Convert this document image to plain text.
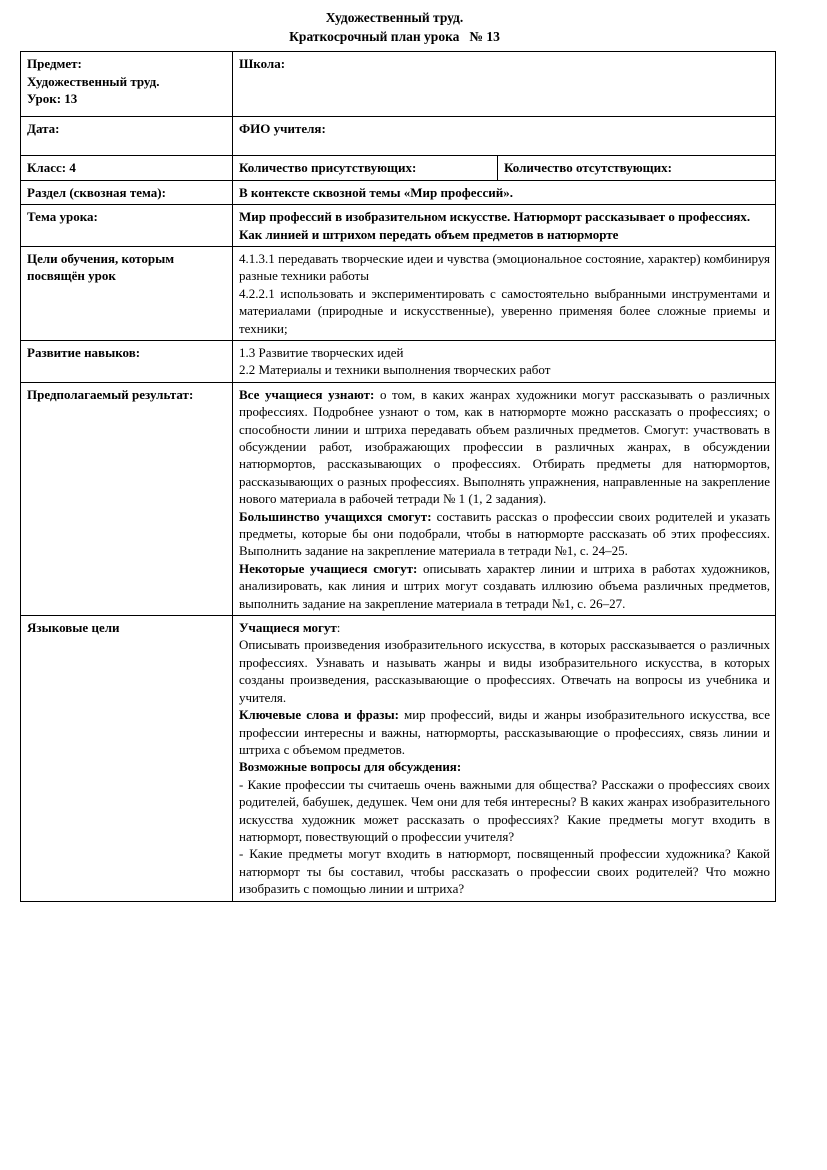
Художественный труд.
Краткосрочный план урока № 13
Предмет:
Художественный труд.
Урок: 13	Школа:	
Дата:	ФИО учителя:	
Класс: 4	Количество присутствующих:	Количество отсутствующих:
Раздел (сквозная тема):	В контексте сквозной темы «Мир профессий».	
Тема урока:	Мир профессий в изобразительном искусстве. Натюрморт рассказывает о профессиях. Как линией и штрихом передать объем предметов в натюрморте	
Цели обучения, которым посвящён урок	4.1.3.1 передавать творческие идеи и чувства (эмоциональное состояние, характер) комбинируя разные техники работы

4.2.2.1 использовать и экспериментировать с самостоятельно выбранными инструментами и материалами (природные и искусственные), уверенно применяя более сложные приемы и техники;	

Развитие навыков:	1.3 Развитие творческих идей

2.2 Материалы и техники выполнения творческих работ	

Предполагаемый результат:	Все учащиеся узнают: о том, в каких жанрах художники могут рассказывать о различных профессиях. Подробнее узнают о том, как в натюрморте можно рассказать о профессиях; о способности линии и штриха передавать объем различных предметов. Смогут: участвовать в обсуждении работ, изображающих профессии в различных жанрах, в обсуждении натюрмортов, рассказывающих о профессиях. Отбирать предметы для натюрмортов, рассказывающих о разных профессиях. Выполнять упражнения, направленные на закрепление нового материала в рабочей тетради № 1 (1, 2 задания).

Большинство учащихся смогут: составить рассказ о профессии своих родителей и указать предметы, которые бы они подобрали, чтобы в натюрморте рассказать об этих профессиях. Выполнить задание на закрепление материала в тетради №1, с. 24–25.

Некоторые учащиеся смогут: описывать характер линии и штриха в работах художников, анализировать, как линия и штрих могут создавать иллюзию объема различных предметов, выполнить задание на закрепление материала в тетради №1, с. 26–27.	

Языковые цели	Учащиеся могут:

Описывать произведения изобразительного искусства, в которых рассказывается о различных профессиях. Узнавать и называть жанры и виды изобразительного искусства, в которых созданы произведения, рассказывающие о профессиях. Отвечать на вопросы из учебника и учителя.

Ключевые слова и фразы: мир профессий, виды и жанры изобразительного искусства, все профессии интересны и важны, натюрморты, рассказывающие о профессиях, связь линии и штриха с объемом предметов.

Возможные вопросы для обсуждения:

- Какие профессии ты считаешь очень важными для общества? Расскажи о профессиях своих родителей, бабушек, дедушек. Чем они для тебя интересны? В каких жанрах изобразительного искусства художник может рассказать о профессиях? Какие предметы могут входить в натюрморт, повествующий о профессии учителя?

- Какие предметы могут входить в натюрморт, посвященный профессии художника? Какой натюрморт ты бы составил, чтобы рассказать о профессии своих родителей? Что можно изобразить с помощью линии и штриха?
